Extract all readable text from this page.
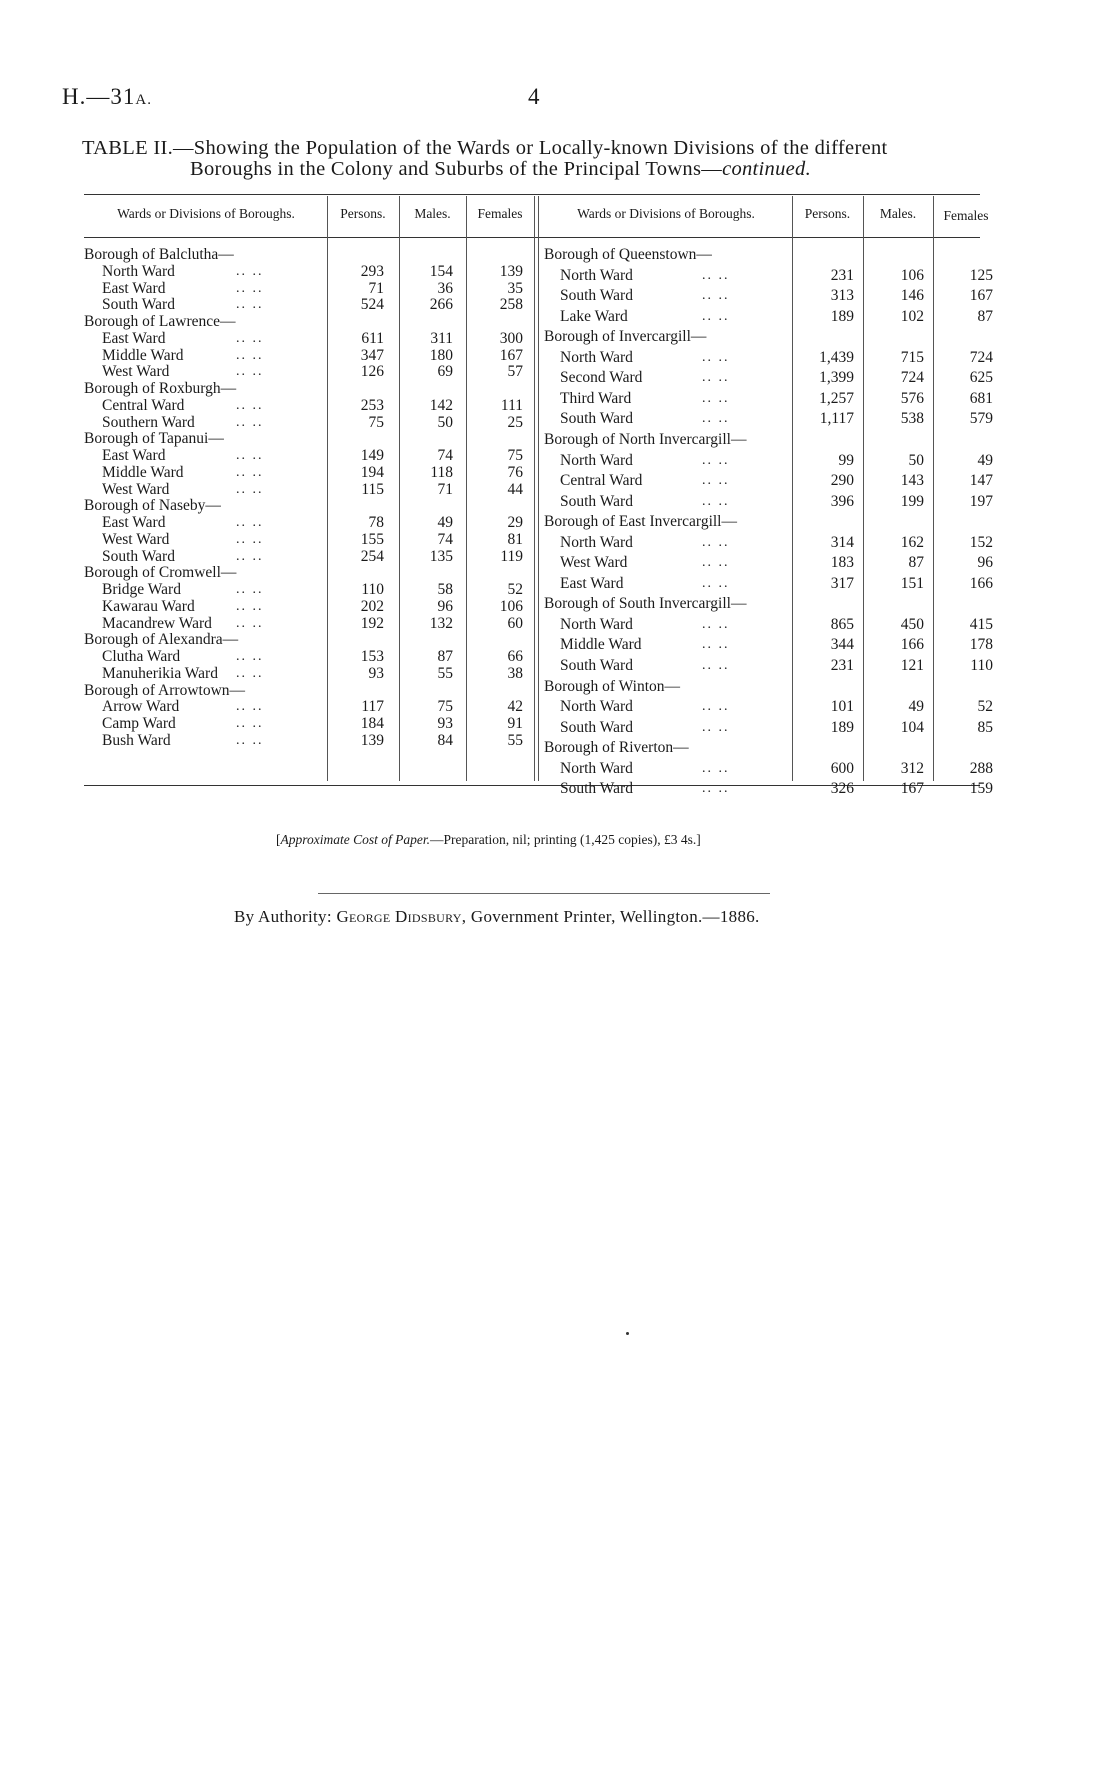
H.—31A.	4
TABLE II.—Showing the Population of the Wards or Locally-known Divisions of the different
Boroughs in the Colony and Suburbs of the Principal Towns—continued.
Wards or Divisions of Boroughs.	Persons.	Males.	Females	Wards or Divisions of Boroughs.	Persons.	Males.	Females
Borough of Balclutha—
North Ward	.. ..	293	154	139
East Ward	.. ..	71	36	35
South Ward	.. ..	524	266	258
Borough of Lawrence—
East Ward	.. ..	611	311	300
Middle Ward	.. ..	347	180	167
West Ward	.. ..	126	69	57
Borough of Roxburgh—
Central Ward	.. ..	253	142	111
Southern Ward	.. ..	75	50	25
Borough of Tapanui—
East Ward	.. ..	149	74	75
Middle Ward	.. ..	194	118	76
West Ward	.. ..	115	71	44
Borough of Naseby—
East Ward	.. ..	78	49	29
West Ward	.. ..	155	74	81
South Ward	.. ..	254	135	119
Borough of Cromwell—
Bridge Ward	.. ..	110	58	52
Kawarau Ward	.. ..	202	96	106
Macandrew Ward .. ..	192	132	60
Borough of Alexandra—
Clutha Ward	.. ..	153	87	66
Manuherikia Ward .. ..	93	55	38
Borough of Arrowtown—
Arrow Ward	.. ..	117	75	42
Camp Ward	.. ..	184	93	91
Bush Ward	.. ..	139	84	55
Borough of Queenstown—
North Ward	.. ..	231	106	125
South Ward	.. ..	313	146	167
Lake Ward	.. ..	189	102	87
Borough of Invercargill—
North Ward	.. ..	1,439	715	724
Second Ward	.. ..	1,399	724	625
Third Ward	.. ..	1,257	576	681
South Ward	.. ..	1,117	538	579
Borough of North Invercargill—
North Ward	.. ..	99	50	49
Central Ward	.. ..	290	143	147
South Ward	.. ..	396	199	197
Borough of East Invercargill—
North Ward	.. ..	314	162	152
West Ward	.. ..	183	87	96
East Ward	.. ..	317	151	166
Borough of South Invercargill—
North Ward	.. ..	865	450	415
Middle Ward	.. ..	344	166	178
South Ward	.. ..	231	121	110
Borough of Winton—
North Ward	.. ..	101	49	52
South Ward	.. ..	189	104	85
Borough of Riverton—
North Ward	.. ..	600	312	288
South Ward	.. ..	326	167	159
[Approximate Cost of Paper.—Preparation, nil; printing (1,425 copies), £3 4s.]
By Authority: George Didsbury, Government Printer, Wellington.—1886.
